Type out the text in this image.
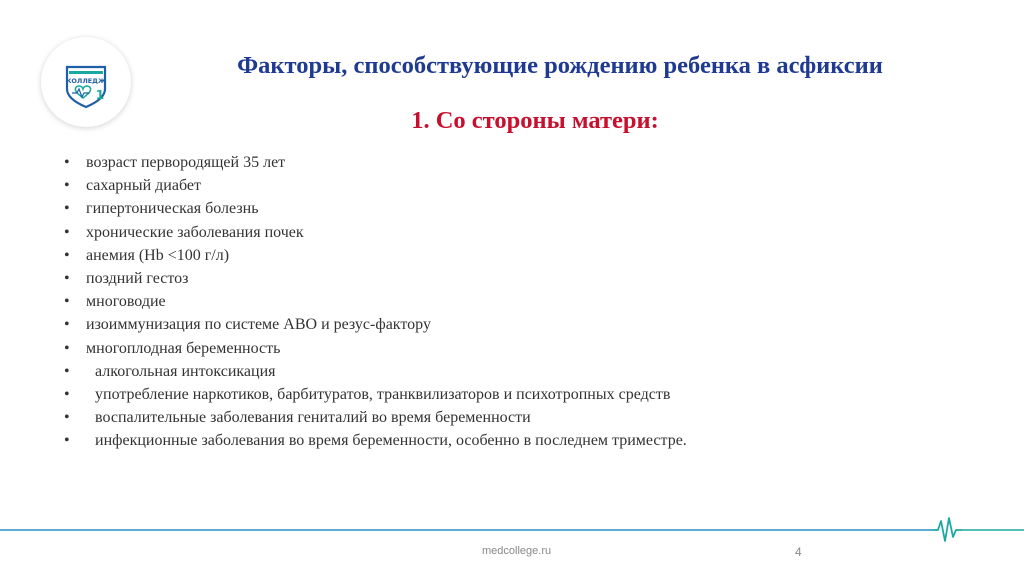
КОЛЛЕДЖ
1
Факторы, способствующие рождению ребенка в асфиксии
1. Со стороны матери:
• возраст первородящей 35 лет
• сахарный диабет
• гипертоническая болезнь
• хронические заболевания почек
• анемия (Hb <100 г/л)
• поздний гестоз
• многоводие
• изоиммунизация по системе АВО и резус-фактору
• многоплодная беременность
• алкогольная интоксикация
• употребление наркотиков, барбитуратов, транквилизаторов и психотропных средств
• воспалительные заболевания гениталий во время беременности
• инфекционные заболевания во время беременности, особенно в последнем триместре.
medcollege.ru	4
